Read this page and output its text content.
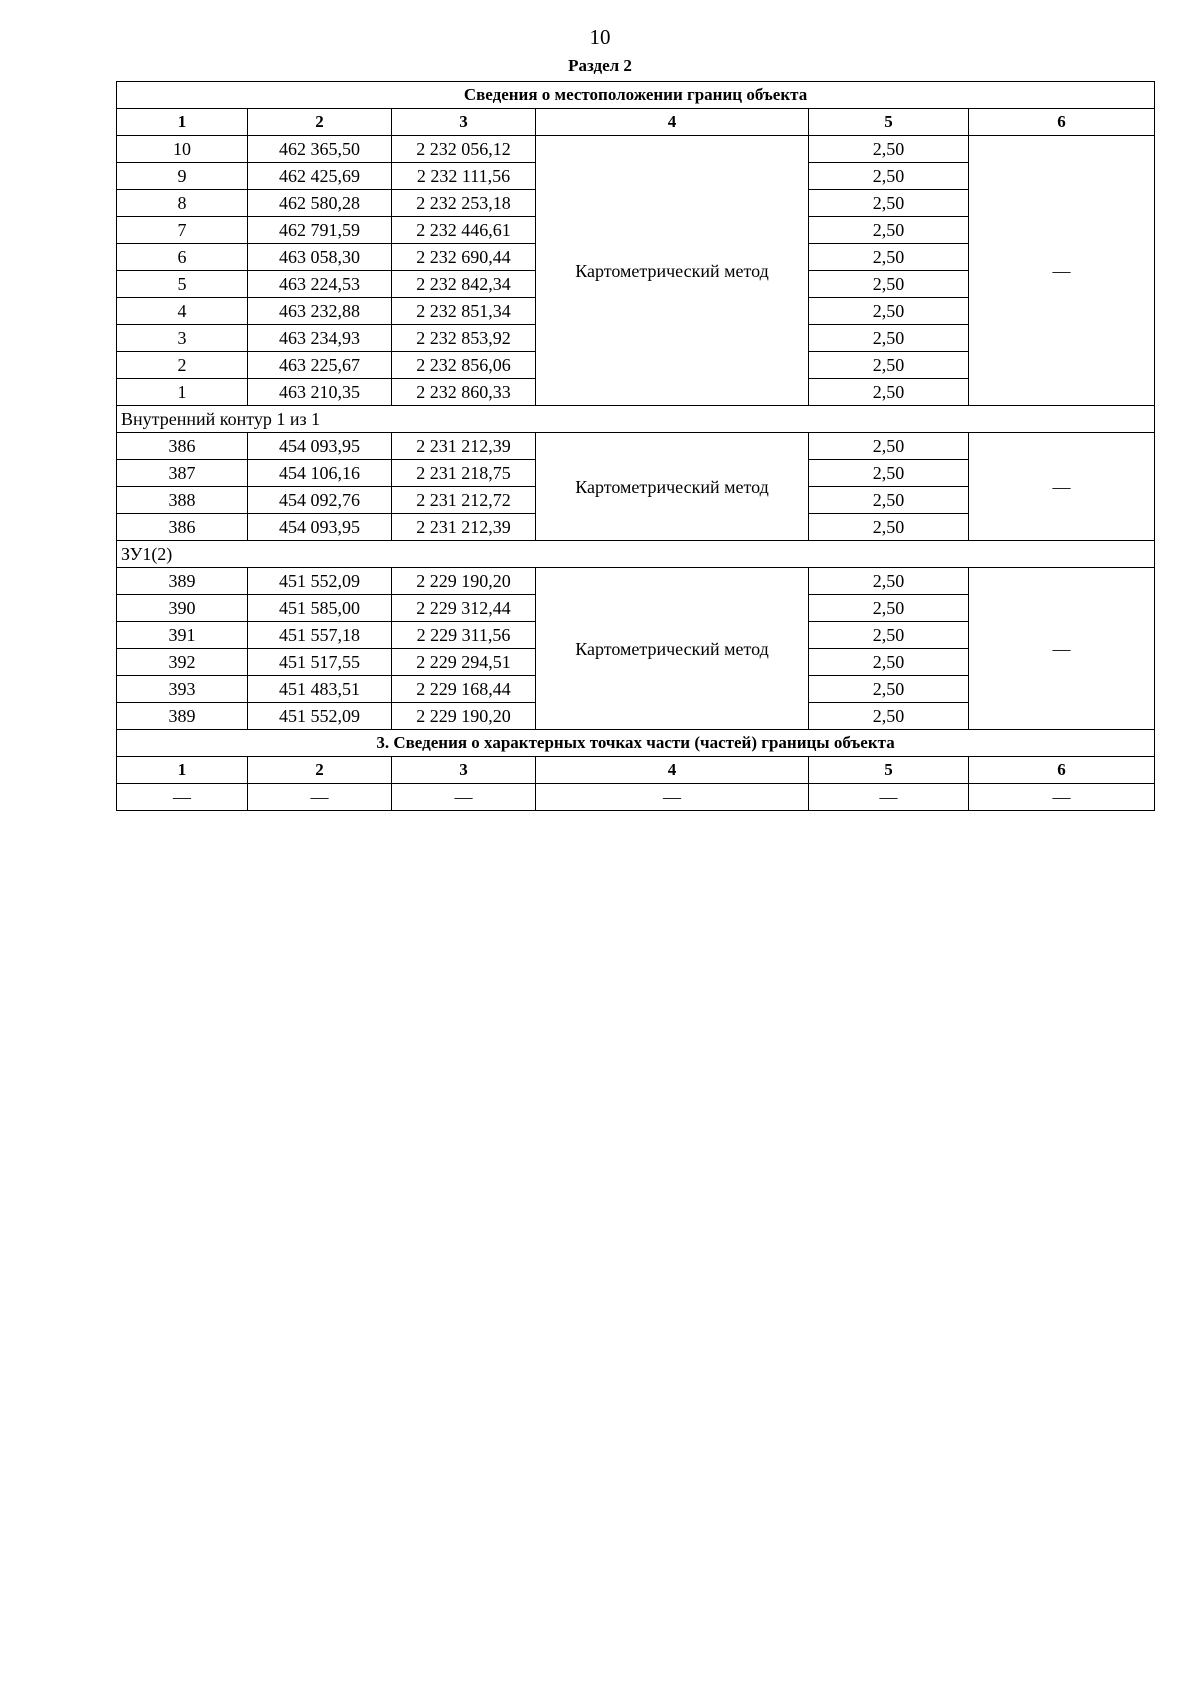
10
Раздел 2
Сведения о местоположении границ объекта					
1	2	3	4	5	6
10	462 365,50	2 232 056,12	Картометрический метод	2,50	—
9	462 425,69	2 232 111,56		2,50	
8	462 580,28	2 232 253,18		2,50	
7	462 791,59	2 232 446,61		2,50	
6	463 058,30	2 232 690,44		2,50	
5	463 224,53	2 232 842,34		2,50	
4	463 232,88	2 232 851,34		2,50	
3	463 234,93	2 232 853,92		2,50	
2	463 225,67	2 232 856,06		2,50	
1	463 210,35	2 232 860,33		2,50	
Внутренний контур 1 из 1					
386	454 093,95	2 231 212,39	Картометрический метод	2,50	—
387	454 106,16	2 231 218,75		2,50	
388	454 092,76	2 231 212,72		2,50	
386	454 093,95	2 231 212,39		2,50	
ЗУ1(2)					
389	451 552,09	2 229 190,20	Картометрический метод	2,50	—
390	451 585,00	2 229 312,44		2,50	
391	451 557,18	2 229 311,56		2,50	
392	451 517,55	2 229 294,51		2,50	
393	451 483,51	2 229 168,44		2,50	
389	451 552,09	2 229 190,20		2,50	
3. Сведения о характерных точках части (частей) границы объекта					
1	2	3	4	5	6
—	—	—	—	—	—
